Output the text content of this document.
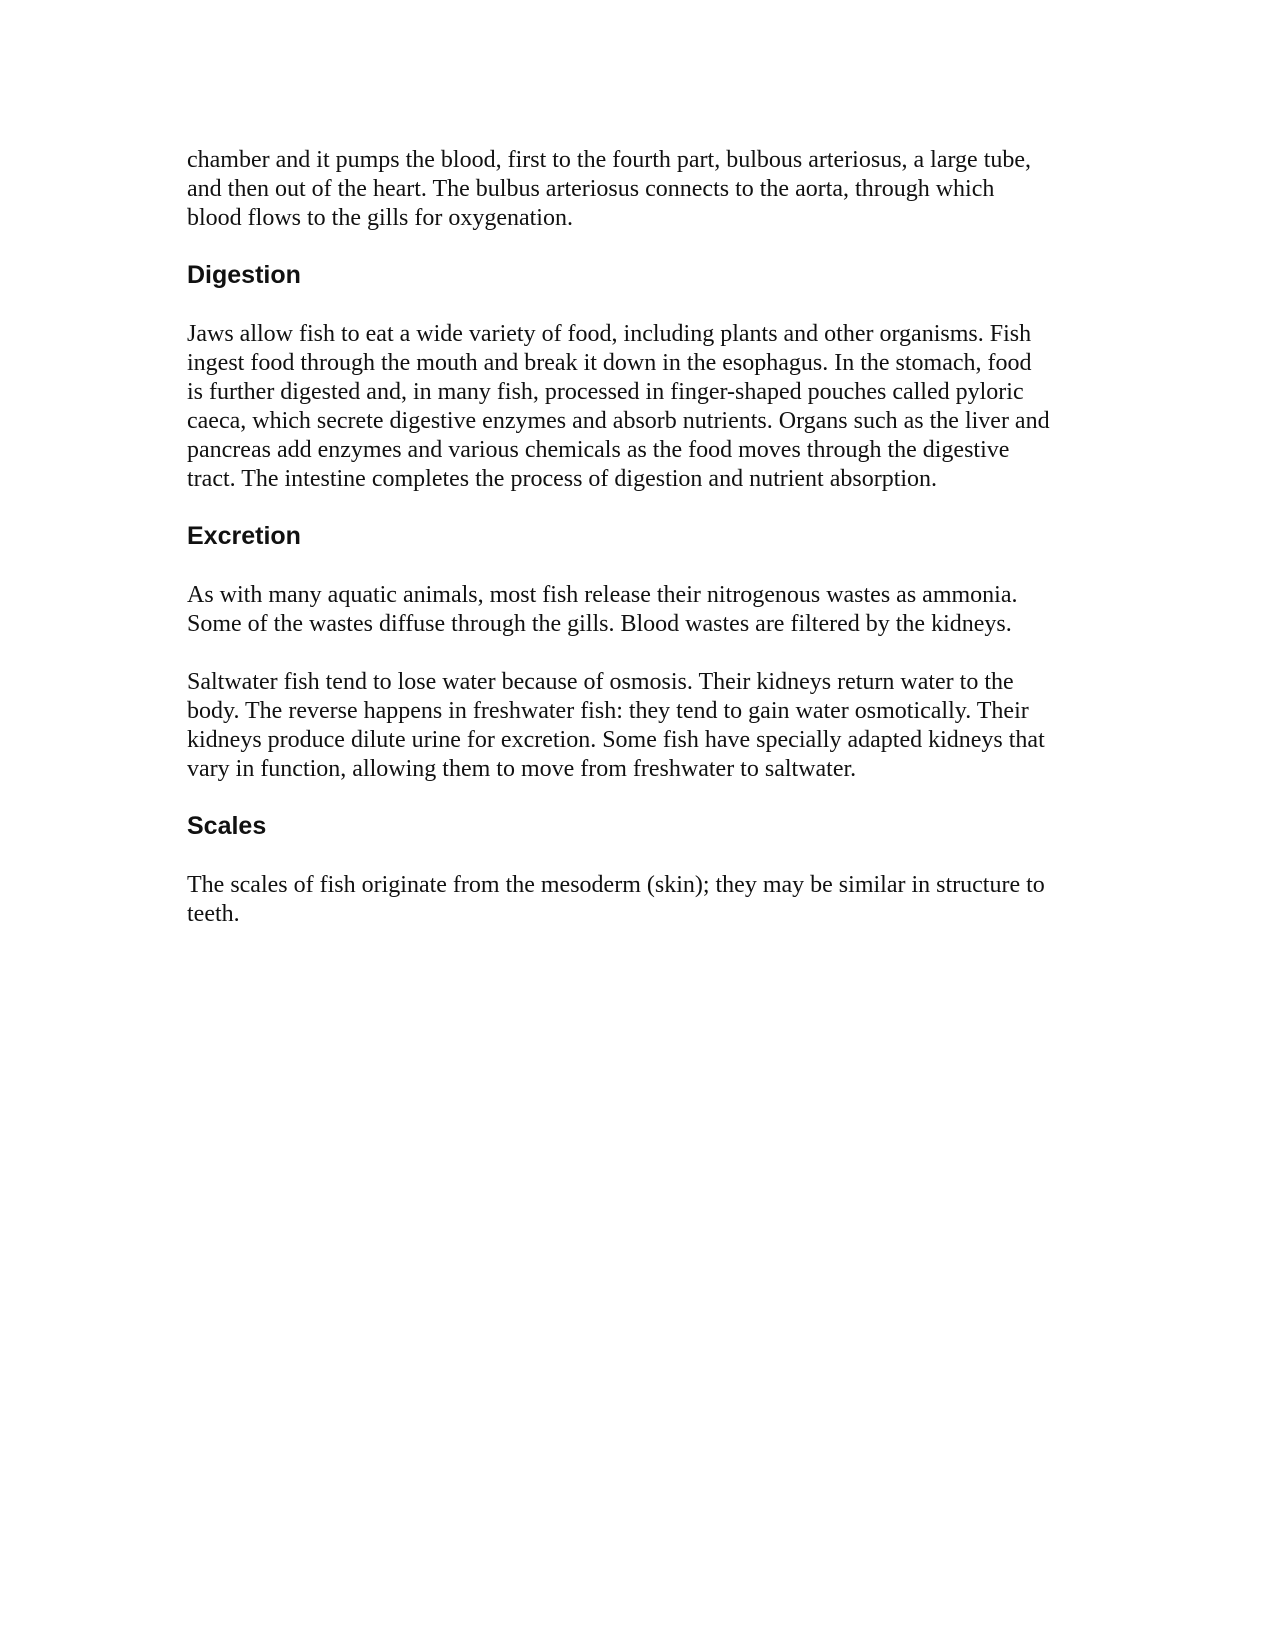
chamber and it pumps the blood, first to the fourth part, bulbous arteriosus, a large tube,
and then out of the heart. The bulbus arteriosus connects to the aorta, through which
blood flows to the gills for oxygenation.

Digestion

Jaws allow fish to eat a wide variety of food, including plants and other organisms. Fish
ingest food through the mouth and break it down in the esophagus. In the stomach, food
is further digested and, in many fish, processed in finger-shaped pouches called pyloric
caeca, which secrete digestive enzymes and absorb nutrients. Organs such as the liver and
pancreas add enzymes and various chemicals as the food moves through the digestive
tract. The intestine completes the process of digestion and nutrient absorption.

Excretion

As with many aquatic animals, most fish release their nitrogenous wastes as ammonia.
Some of the wastes diffuse through the gills. Blood wastes are filtered by the kidneys.

Saltwater fish tend to lose water because of osmosis. Their kidneys return water to the
body. The reverse happens in freshwater fish: they tend to gain water osmotically. Their
kidneys produce dilute urine for excretion. Some fish have specially adapted kidneys that
vary in function, allowing them to move from freshwater to saltwater.

Scales

The scales of fish originate from the mesoderm (skin); they may be similar in structure to
teeth.
